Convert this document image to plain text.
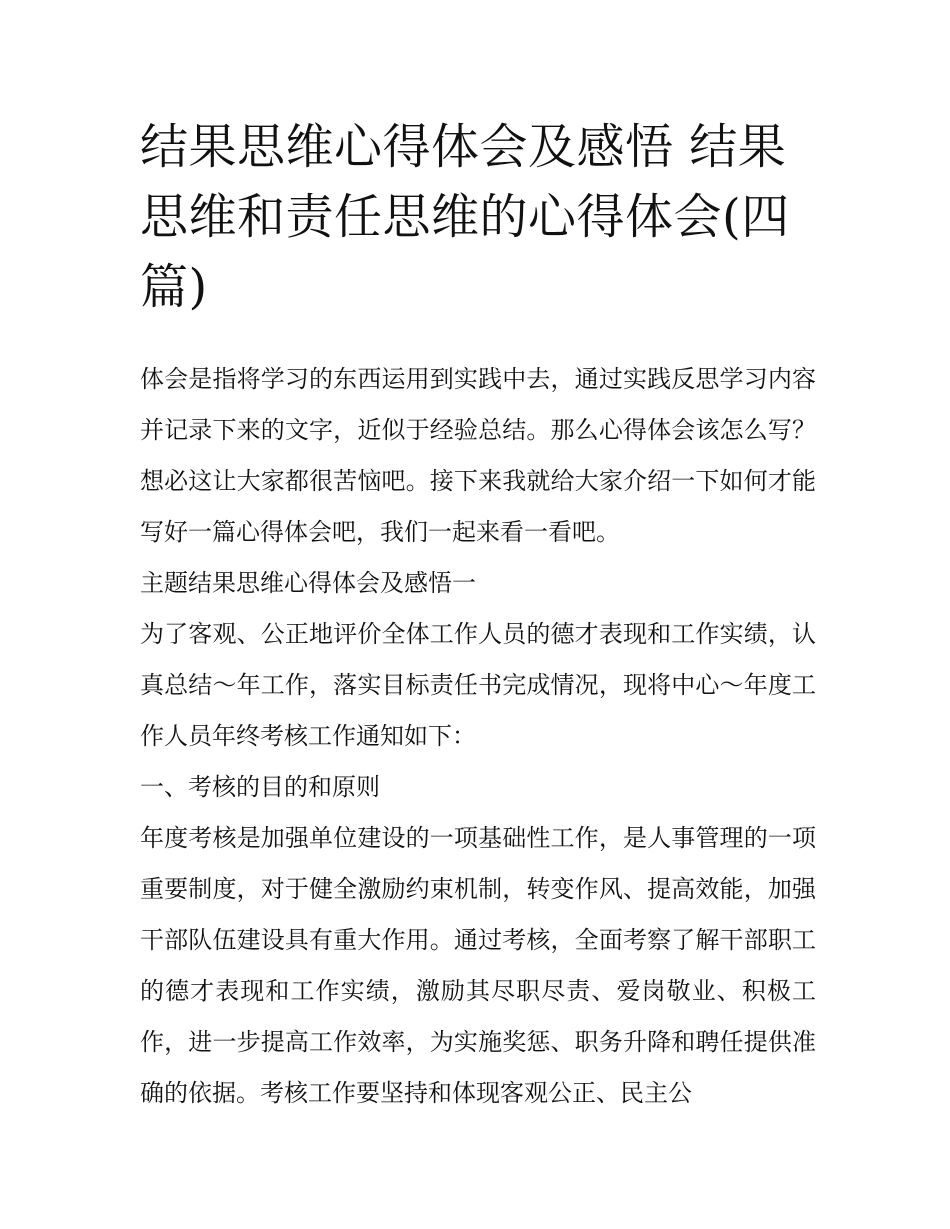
结果思维心得体会及感悟 结果思维和责任思维的心得体会(四篇)

体会是指将学习的东西运用到实践中去，通过实践反思学习内容并记录下来的文字，近似于经验总结。那么心得体会该怎么写？想必这让大家都很苦恼吧。接下来我就给大家介绍一下如何才能写好一篇心得体会吧，我们一起来看一看吧。

主题结果思维心得体会及感悟一

为了客观、公正地评价全体工作人员的德才表现和工作实绩，认真总结～年工作，落实目标责任书完成情况，现将中心～年度工作人员年终考核工作通知如下：

一、考核的目的和原则

年度考核是加强单位建设的一项基础性工作，是人事管理的一项重要制度，对于健全激励约束机制，转变作风、提高效能，加强干部队伍建设具有重大作用。通过考核，全面考察了解干部职工的德才表现和工作实绩，激励其尽职尽责、爱岗敬业、积极工作，进一步提高工作效率，为实施奖惩、职务升降和聘任提供准确的依据。考核工作要坚持和体现客观公正、民主公
